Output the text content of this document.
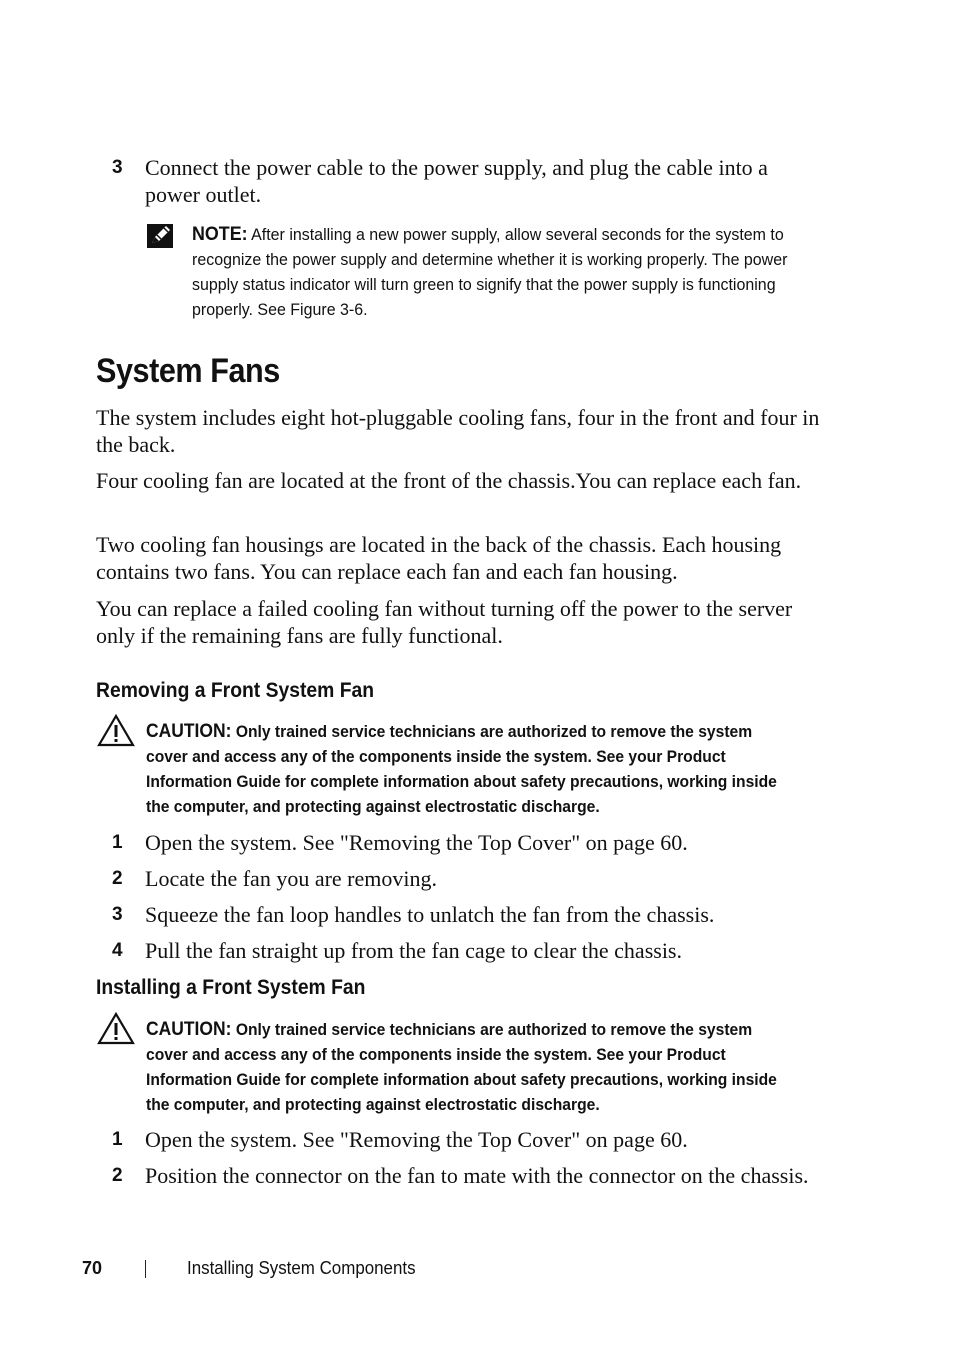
3 Connect the power cable to the power supply, and plug the cable into a power outlet.
NOTE: After installing a new power supply, allow several seconds for the system to recognize the power supply and determine whether it is working properly. The power supply status indicator will turn green to signify that the power supply is functioning properly. See Figure 3-6.
System Fans

The system includes eight hot-pluggable cooling fans, four in the front and four in the back.

Four cooling fan are located at the front of the chassis.You can replace each fan.

Two cooling fan housings are located in the back of the chassis. Each housing contains two fans. You can replace each fan and each fan housing.

You can replace a failed cooling fan without turning off the power to the server only if the remaining fans are fully functional.

Removing a Front System Fan
CAUTION: Only trained service technicians are authorized to remove the system cover and access any of the components inside the system. See your Product Information Guide for complete information about safety precautions, working inside the computer, and protecting against electrostatic discharge.
1 Open the system. See "Removing the Top Cover" on page 60.
2 Locate the fan you are removing.
3 Squeeze the fan loop handles to unlatch the fan from the chassis.
4 Pull the fan straight up from the fan cage to clear the chassis.
Installing a Front System Fan
CAUTION: Only trained service technicians are authorized to remove the system cover and access any of the components inside the system. See your Product Information Guide for complete information about safety precautions, working inside the computer, and protecting against electrostatic discharge.
1 Open the system. See "Removing the Top Cover" on page 60.
2 Position the connector on the fan to mate with the connector on the chassis.
70	Installing System Components
